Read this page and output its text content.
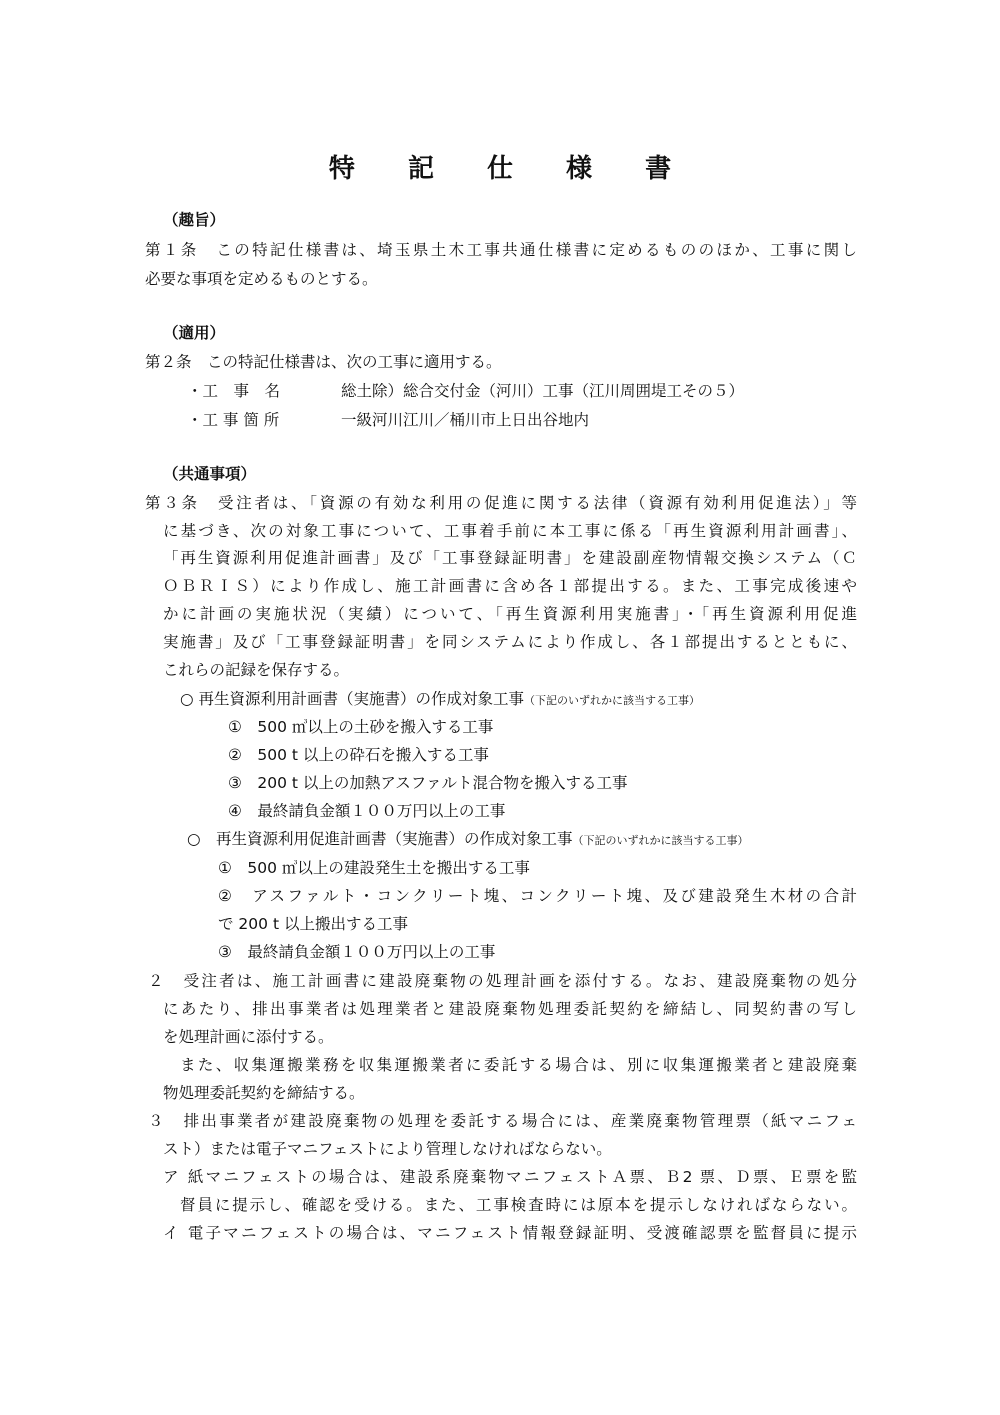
特 記 仕 様 書
（趣旨）
第１条　この特記仕様書は、埼玉県土木工事共通仕様書に定めるもののほか、工事に関し
必要な事項を定めるものとする。
（適用）
第２条　この特記仕様書は、次の工事に適用する。
・工　事　名	総土除）総合交付金（河川）工事（江川周囲堤工その５）
・工 事 箇 所	一級河川江川／桶川市上日出谷地内
（共通事項）
第３条　受注者は、「資源の有効な利用の促進に関する法律（資源有効利用促進法）」等
に基づき、次の対象工事について、工事着手前に本工事に係る「再生資源利用計画書」、
「再生資源利用促進計画書」及び「工事登録証明書」を建設副産物情報交換システム（Ｃ
ＯＢＲＩＳ）により作成し、施工計画書に含め各１部提出する。また、工事完成後速や
かに計画の実施状況（実績）について、「再生資源利用実施書」・「再生資源利用促進
実施書」及び「工事登録証明書」を同システムにより作成し、各１部提出するとともに、
これらの記録を保存する。
○ 再生資源利用計画書（実施書）の作成対象工事（下記のいずれかに該当する工事）
①　500 ㎥以上の土砂を搬入する工事
②　500 t 以上の砕石を搬入する工事
③　200 t 以上の加熱アスファルト混合物を搬入する工事
④　最終請負金額１００万円以上の工事
○　再生資源利用促進計画書（実施書）の作成対象工事（下記のいずれかに該当する工事）
①　500 ㎥以上の建設発生土を搬出する工事
②　アスファルト・コンクリート塊、コンクリート塊、及び建設発生木材の合計
で 200 t 以上搬出する工事
③　最終請負金額１００万円以上の工事
２　受注者は、施工計画書に建設廃棄物の処理計画を添付する。なお、建設廃棄物の処分
にあたり、排出事業者は処理業者と建設廃棄物処理委託契約を締結し、同契約書の写し
を処理計画に添付する。
また、収集運搬業務を収集運搬業者に委託する場合は、別に収集運搬業者と建設廃棄
物処理委託契約を締結する。
３　排出事業者が建設廃棄物の処理を委託する場合には、産業廃棄物管理票（紙マニフェ
スト）または電子マニフェストにより管理しなければならない。
ア 紙マニフェストの場合は、建設系廃棄物マニフェストＡ票、Ｂ2 票、Ｄ票、Ｅ票を監
督員に提示し、確認を受ける。また、工事検査時には原本を提示しなければならない。
イ 電子マニフェストの場合は、マニフェスト情報登録証明、受渡確認票を監督員に提示
